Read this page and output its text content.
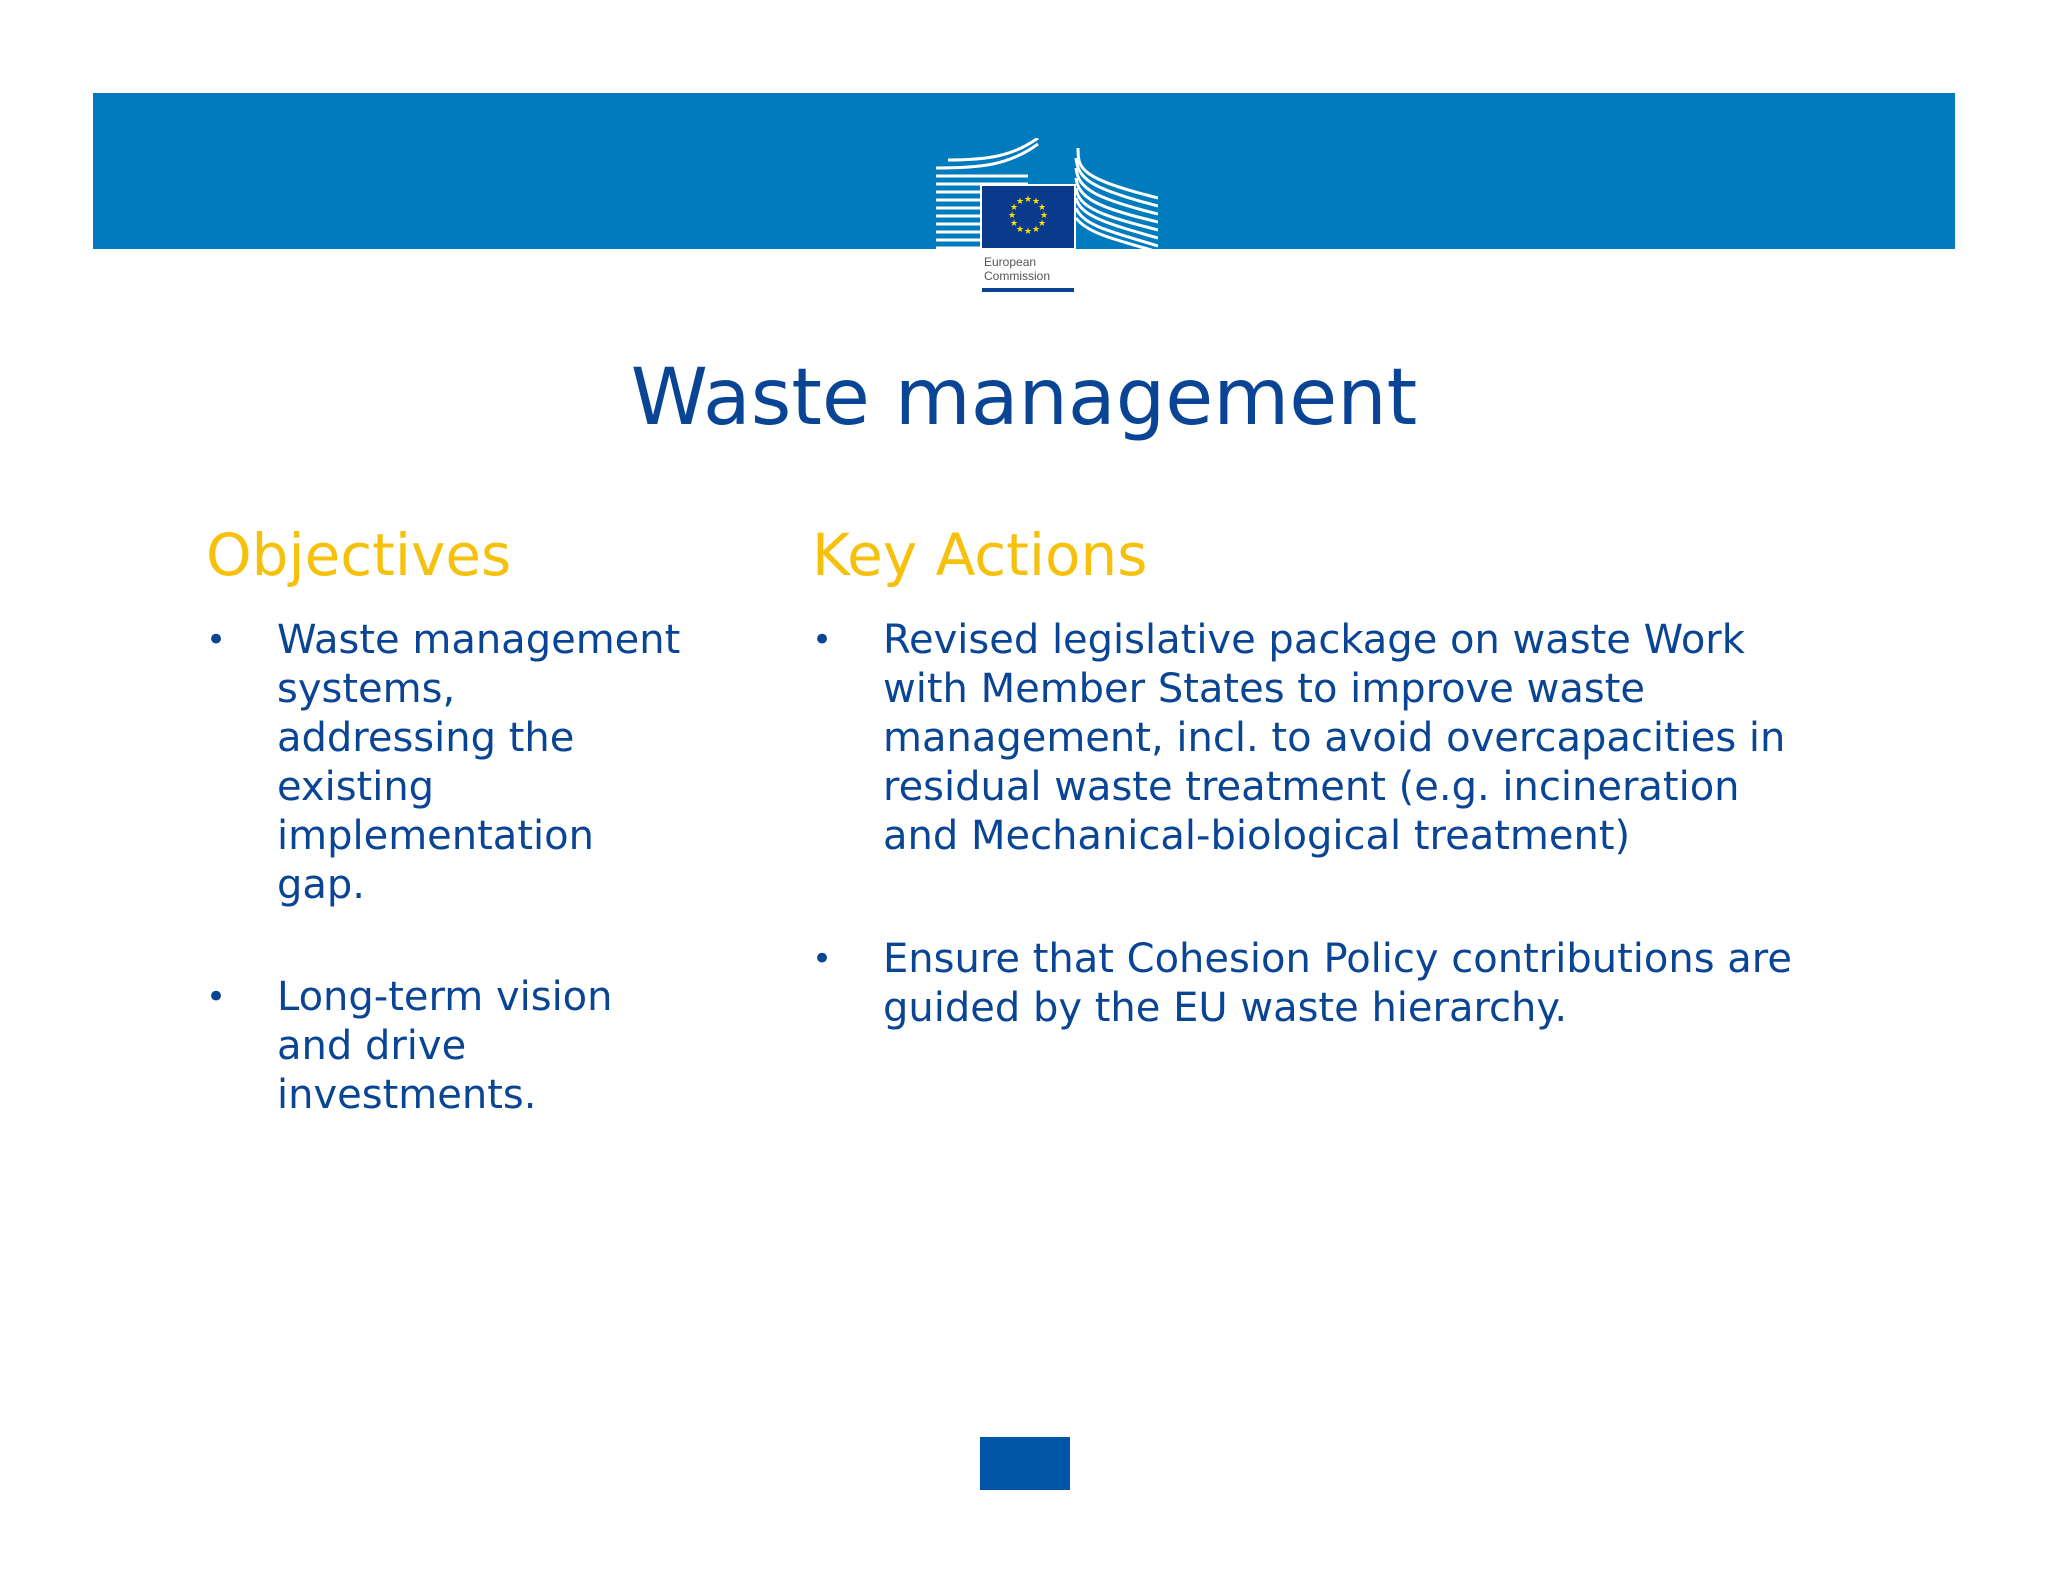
★ ★
★
★
★
★
★
★
★
★
★
★
European
Commission
Waste management
Objectives
• Waste management
systems,
addressing the
existing
implementation
gap.
• Long-term vision
and drive
investments.
Key Actions
• Revised legislative package on waste Work
with Member States to improve waste
management, incl. to avoid overcapacities in
residual waste treatment (e.g. incineration
and Mechanical-biological treatment)
• Ensure that Cohesion Policy contributions are
guided by the EU waste hierarchy.
